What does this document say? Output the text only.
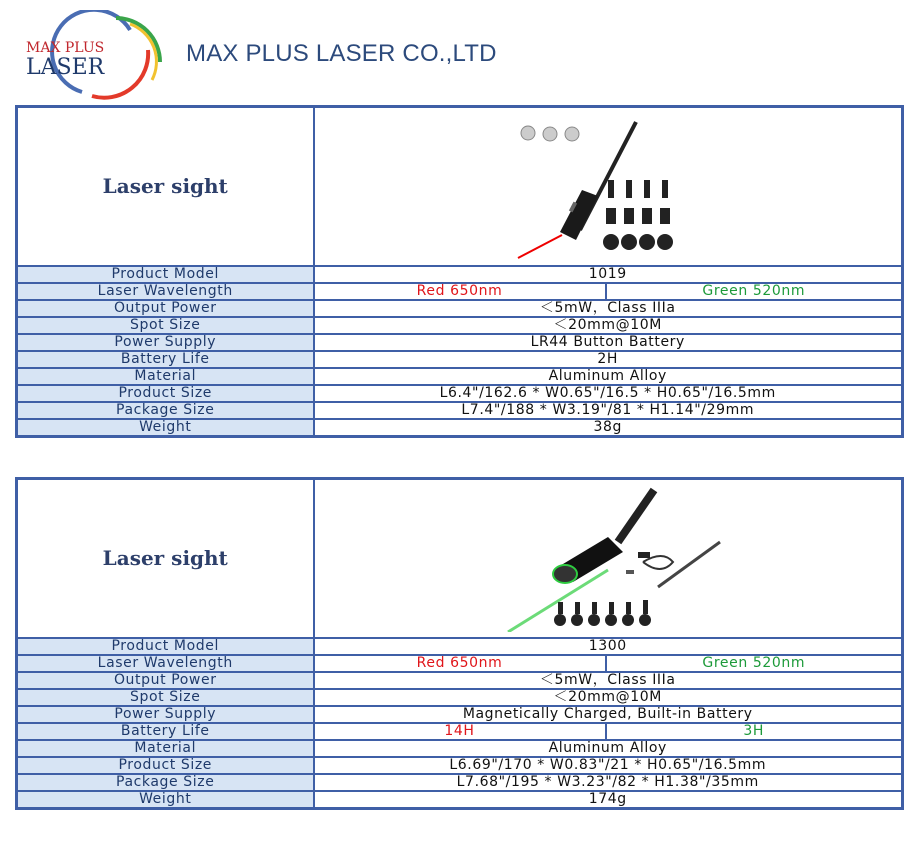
MAX PLUS
LASER
MAX PLUS LASER CO.,LTD
Laser sight	
Product Model	1019	
Laser Wavelength	Red 650nm	Green 520nm
Output Power	＜5mW，Class IIIa	
Spot Size	＜20mm@10M	
Power Supply	LR44 Button Battery	
Battery Life	2H	
Material	Aluminum Alloy	
Product Size	L6.4"/162.6 * W0.65"/16.5 * H0.65"/16.5mm	
Package Size	L7.4"/188 * W3.19"/81 * H1.14"/29mm	
Weight	38g	
Laser sight	
Product Model	1300	
Laser Wavelength	Red 650nm	Green 520nm
Output Power	＜5mW，Class IIIa	
Spot Size	＜20mm@10M	
Power Supply	Magnetically Charged, Built-in Battery	
Battery Life	14H	3H
Material	Aluminum Alloy	
Product Size	L6.69"/170 * W0.83"/21 * H0.65"/16.5mm	
Package Size	L7.68"/195 * W3.23"/82 * H1.38"/35mm	
Weight	174g	
